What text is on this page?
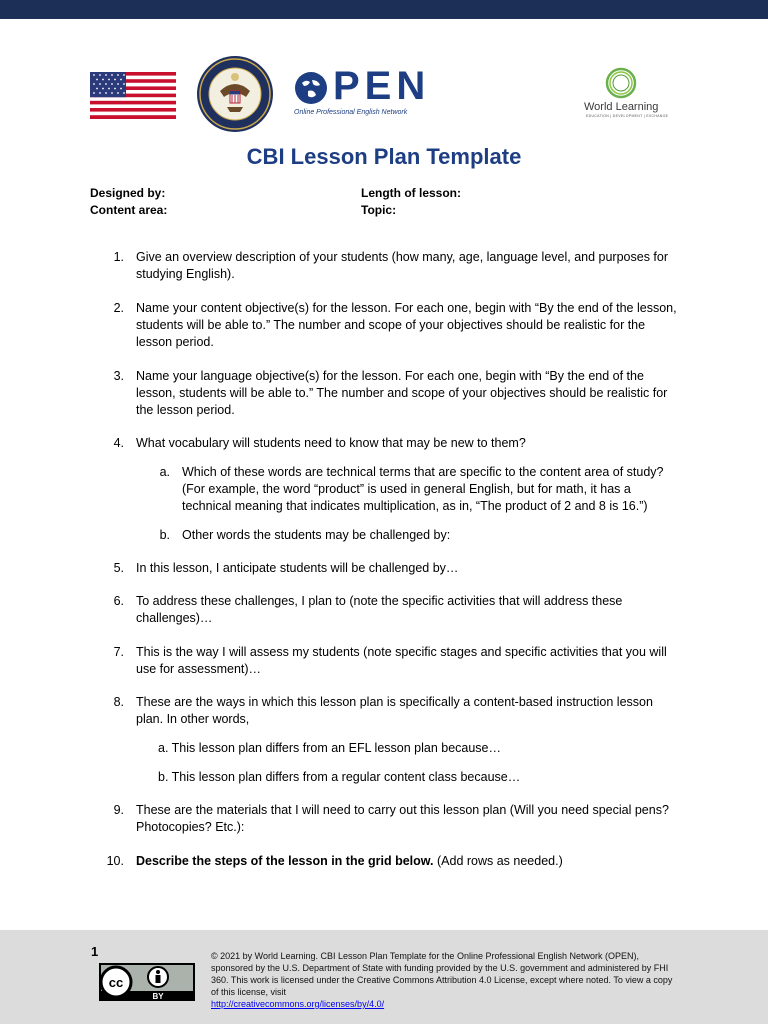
PEN
Online Professional English Network	World Learning
EDUCATION | DEVELOPMENT | EXCHANGE
CBI Lesson Plan Template
Designed by:
Content area:
Length of lesson:
Topic:
1. Give an overview description of your students (how many, age, language level, and purposes for studying English).
2. Name your content objective(s) for the lesson. For each one, begin with “By the end of the lesson, students will be able to.” The number and scope of your objectives should be realistic for the lesson period.
3. Name your language objective(s) for the lesson. For each one, begin with “By the end of the lesson, students will be able to.” The number and scope of your objectives should be realistic for the lesson period.
4. What vocabulary will students need to know that may be new to them?
a. Which of these words are technical terms that are specific to the content area of study? (For example, the word “product” is used in general English, but for math, it has a technical meaning that indicates multiplication, as in, “The product of 2 and 8 is 16.”)
b. Other words the students may be challenged by:
5. In this lesson, I anticipate students will be challenged by…
6. To address these challenges, I plan to (note the specific activities that will address these challenges)…
7. This is the way I will assess my students (note specific stages and specific activities that you will use for assessment)…
8. These are the ways in which this lesson plan is specifically a content-based instruction lesson plan. In other words,
a. This lesson plan differs from an EFL lesson plan because…
b. This lesson plan differs from a regular content class because…
9. These are the materials that I will need to carry out this lesson plan (Will you need special pens? Photocopies? Etc.):
10. Describe the steps of the lesson in the grid below. (Add rows as needed.)
1
cc
BY
© 2021 by World Learning. CBI Lesson Plan Template for the Online Professional English Network (OPEN), sponsored by the U.S. Department of State with funding provided by the U.S. government and administered by FHI 360. This work is licensed under the Creative Commons Attribution 4.0 License, except where noted. To view a copy of this license, visit
http://creativecommons.org/licenses/by/4.0/
